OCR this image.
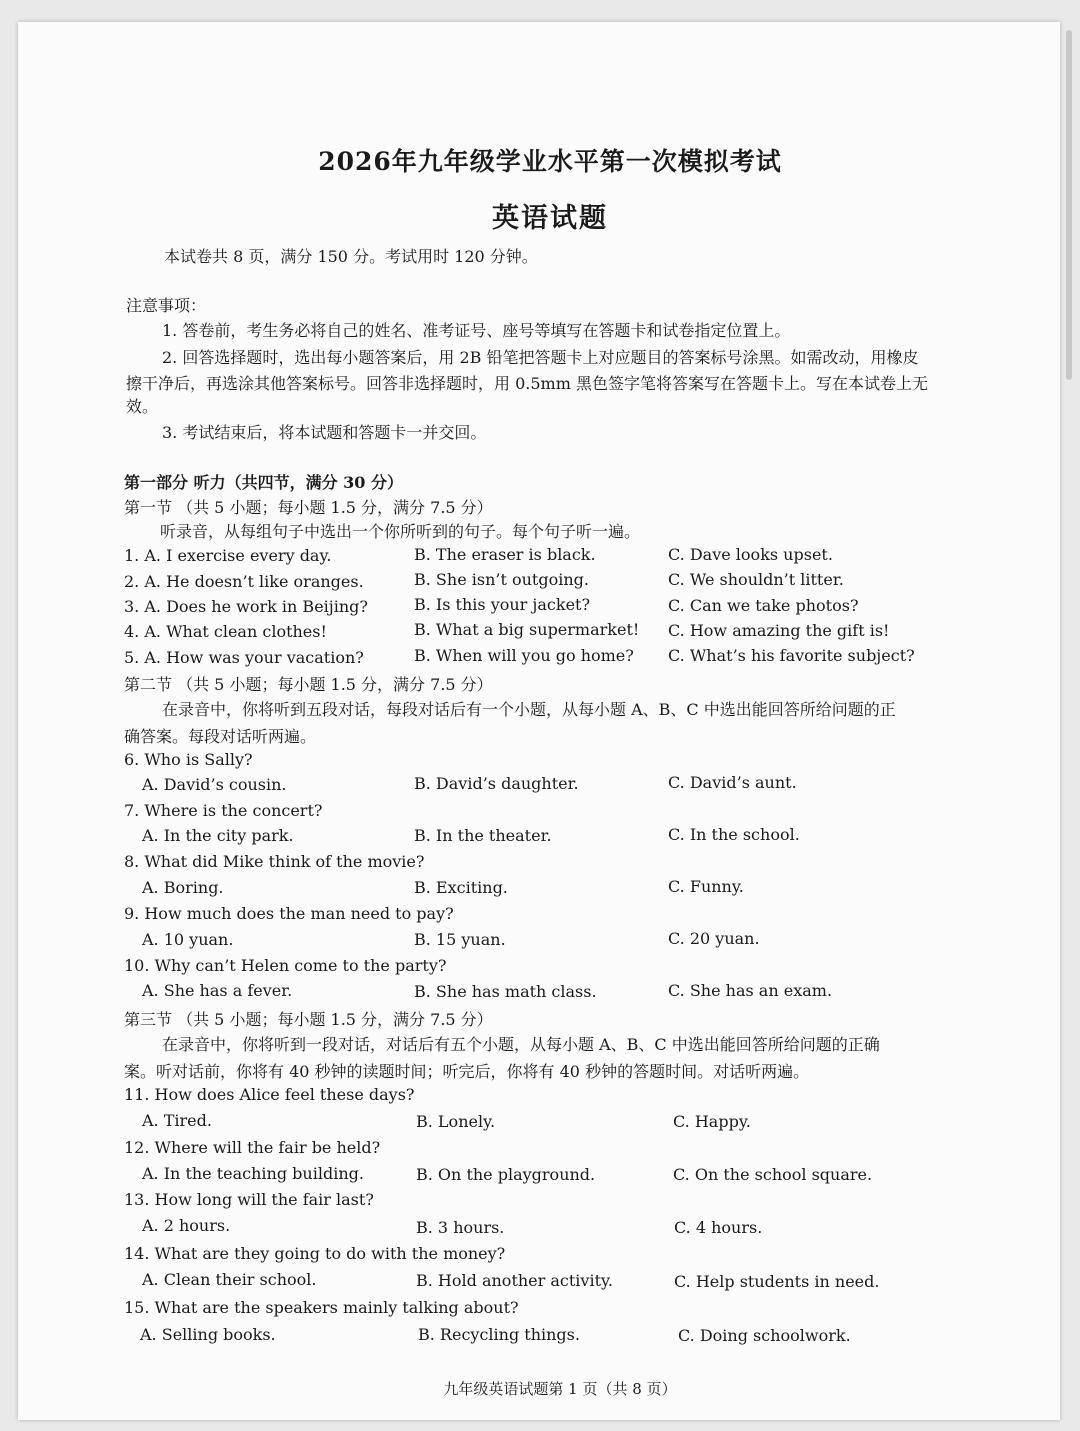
2026年九年级学业水平第一次模拟考试
英语试题
本试卷共 8 页，满分 150 分。考试用时 120 分钟。
注意事项：
1. 答卷前，考生务必将自己的姓名、准考证号、座号等填写在答题卡和试卷指定位置上。
2. 回答选择题时，选出每小题答案后，用 2B 铅笔把答题卡上对应题目的答案标号涂黑。如需改动，用橡皮
擦干净后，再选涂其他答案标号。回答非选择题时，用 0.5mm 黑色签字笔将答案写在答题卡上。写在本试卷上无
效。
3. 考试结束后，将本试题和答题卡一并交回。
第一部分 听力（共四节，满分 30 分）
第一节 （共 5 小题；每小题 1.5 分，满分 7.5 分）
听录音，从每组句子中选出一个你所听到的句子。每个句子听一遍。
1. A. I exercise every day.	B. The eraser is black.	C. Dave looks upset.
2. A. He doesn’t like oranges.	B. She isn’t outgoing.	C. We shouldn’t litter.
3. A. Does he work in Beijing?	B. Is this your jacket?	C. Can we take photos?
4. A. What clean clothes!	B. What a big supermarket! C. How amazing the gift is!
5. A. How was your vacation?	B. When will you go home? C. What’s his favorite subject?
第二节 （共 5 小题；每小题 1.5 分，满分 7.5 分）
在录音中，你将听到五段对话，每段对话后有一个小题，从每小题 A、B、C 中选出能回答所给问题的正
确答案。每段对话听两遍。
6. Who is Sally?
A. David’s cousin.	B. David’s daughter.	C. David’s aunt.
7. Where is the concert?
A. In the city park.	B. In the theater.	C. In the school.
8. What did Mike think of the movie?
A. Boring.	B. Exciting.	C. Funny.
9. How much does the man need to pay?
A. 10 yuan.	B. 15 yuan.	C. 20 yuan.
10. Why can’t Helen come to the party?
A. She has a fever.	B. She has math class.	C. She has an exam.
第三节 （共 5 小题；每小题 1.5 分，满分 7.5 分）
在录音中，你将听到一段对话，对话后有五个小题，从每小题 A、B、C 中选出能回答所给问题的正确
案。听对话前，你将有 40 秒钟的读题时间；听完后，你将有 40 秒钟的答题时间。对话听两遍。
11. How does Alice feel these days?
A. Tired.	B. Lonely.	C. Happy.
12. Where will the fair be held?
A. In the teaching building.	B. On the playground.	C. On the school square.
13. How long will the fair last?
A. 2 hours.	B. 3 hours.	C. 4 hours.
14. What are they going to do with the money?
A. Clean their school.	B. Hold another activity.	C. Help students in need.
15. What are the speakers mainly talking about?
A. Selling books.	B. Recycling things.	C. Doing schoolwork.
九年级英语试题第 1 页（共 8 页）
